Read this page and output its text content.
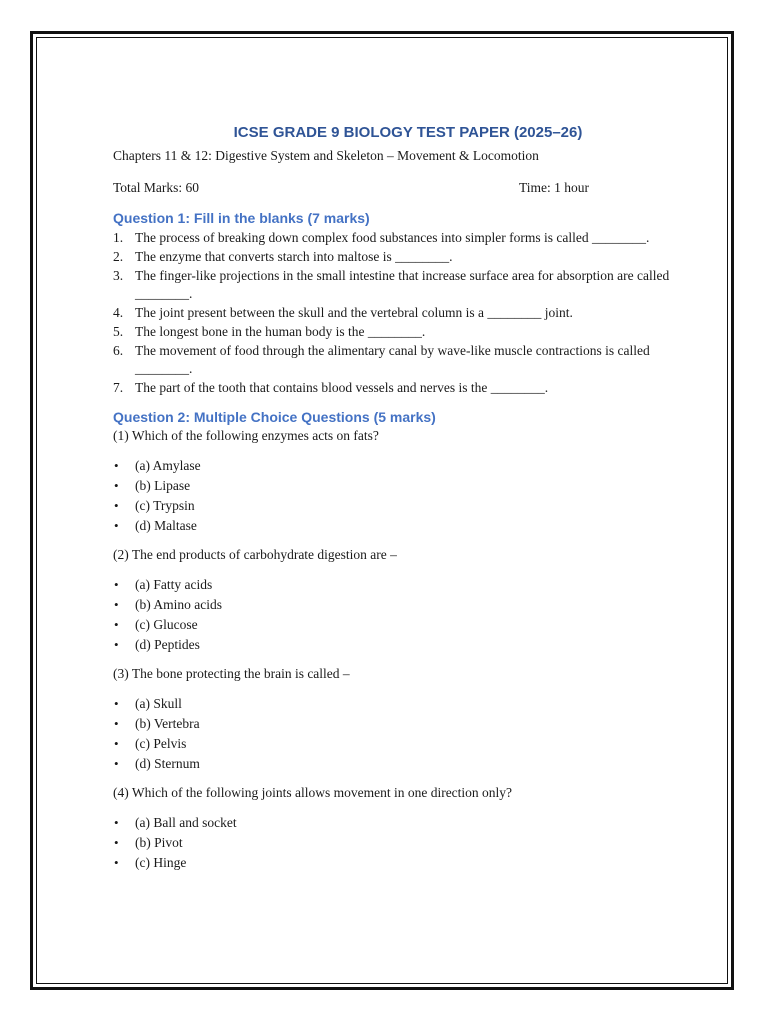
ICSE GRADE 9 BIOLOGY TEST PAPER (2025–26)
Chapters 11 & 12: Digestive System and Skeleton – Movement & Locomotion
Total Marks: 60	Time: 1 hour
Question 1: Fill in the blanks (7 marks)
1. The process of breaking down complex food substances into simpler forms is called ________.
2. The enzyme that converts starch into maltose is ________.
3. The finger-like projections in the small intestine that increase surface area for absorption are called ________.
4. The joint present between the skull and the vertebral column is a ________ joint.
5. The longest bone in the human body is the ________.
6. The movement of food through the alimentary canal by wave-like muscle contractions is called ________.
7. The part of the tooth that contains blood vessels and nerves is the ________.
Question 2: Multiple Choice Questions (5 marks)
(1) Which of the following enzymes acts on fats?
• (a) Amylase
• (b) Lipase
• (c) Trypsin
• (d) Maltase
(2) The end products of carbohydrate digestion are –
• (a) Fatty acids
• (b) Amino acids
• (c) Glucose
• (d) Peptides
(3) The bone protecting the brain is called –
• (a) Skull
• (b) Vertebra
• (c) Pelvis
• (d) Sternum
(4) Which of the following joints allows movement in one direction only?
• (a) Ball and socket
• (b) Pivot
• (c) Hinge
